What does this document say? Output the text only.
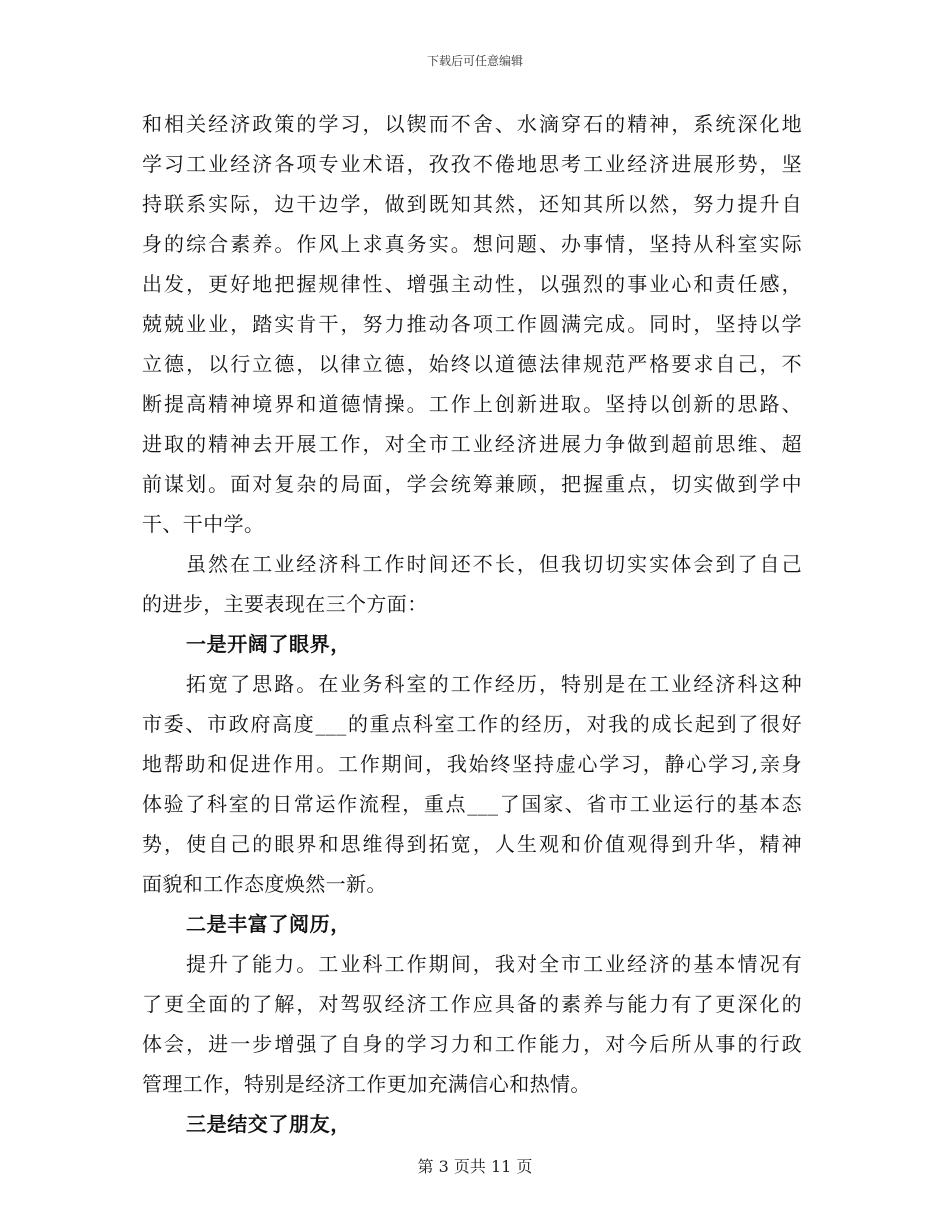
下载后可任意编辑
和相关经济政策的学习，以锲而不舍、水滴穿石的精神，系统深化地
学习工业经济各项专业术语，孜孜不倦地思考工业经济进展形势，坚
持联系实际，边干边学，做到既知其然，还知其所以然，努力提升自
身的综合素养。作风上求真务实。想问题、办事情，坚持从科室实际
出发，更好地把握规律性、增强主动性，以强烈的事业心和责任感，
兢兢业业，踏实肯干，努力推动各项工作圆满完成。同时，坚持以学
立德，以行立德，以律立德，始终以道德法律规范严格要求自己，不
断提高精神境界和道德情操。工作上创新进取。坚持以创新的思路、
进取的精神去开展工作，对全市工业经济进展力争做到超前思维、超
前谋划。面对复杂的局面，学会统筹兼顾，把握重点，切实做到学中
干、干中学。
虽然在工业经济科工作时间还不长，但我切切实实体会到了自己
的进步，主要表现在三个方面：
一是开阔了眼界，
拓宽了思路。在业务科室的工作经历，特别是在工业经济科这种
市委、市政府高度___的重点科室工作的经历，对我的成长起到了很好
地帮助和促进作用。工作期间，我始终坚持虚心学习，静心学习,亲身
体验了科室的日常运作流程，重点___了国家、省市工业运行的基本态
势，使自己的眼界和思维得到拓宽，人生观和价值观得到升华，精神
面貌和工作态度焕然一新。
二是丰富了阅历，
提升了能力。工业科工作期间，我对全市工业经济的基本情况有
了更全面的了解，对驾驭经济工作应具备的素养与能力有了更深化的
体会，进一步增强了自身的学习力和工作能力，对今后所从事的行政
管理工作，特别是经济工作更加充满信心和热情。
三是结交了朋友，
第 3 页共 11 页
